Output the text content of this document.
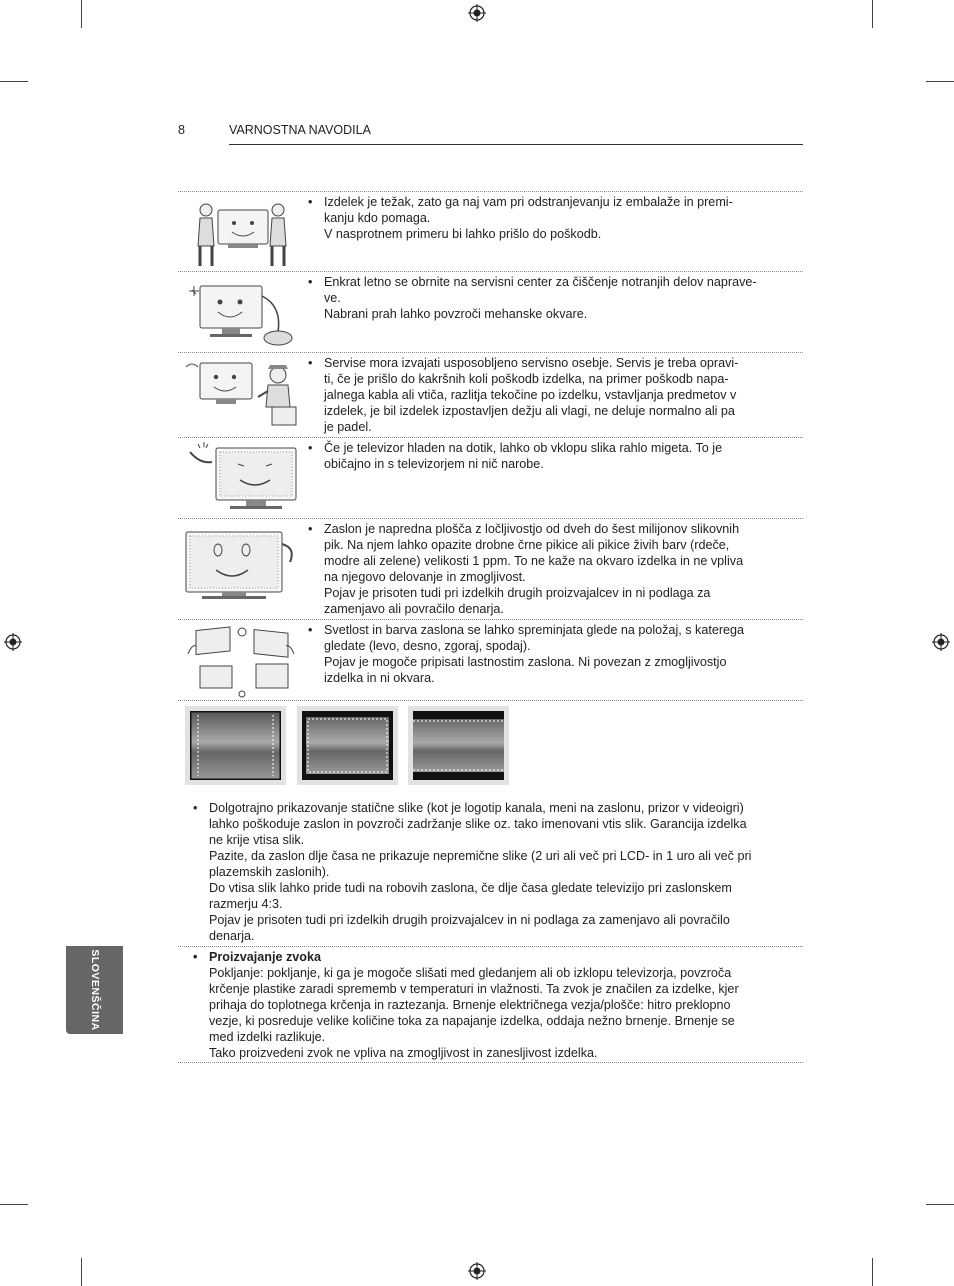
8	VARNOSTNA NAVODILA
• Izdelek je težak, zato ga naj vam pri odstranjevanju iz embalaže in premi-

kanju kdo pomaga.

V nasprotnem primeru bi lahko prišlo do poškodb.

• Enkrat letno se obrnite na servisni center za čiščenje notranjih delov naprave-

ve.

Nabrani prah lahko povzroči mehanske okvare.

• Servise mora izvajati usposobljeno servisno osebje. Servis je treba opravi-

ti, če je prišlo do kakršnih koli poškodb izdelka, na primer poškodb napa-

jalnega kabla ali vtiča, razlitja tekočine po izdelku, vstavljanja predmetov v

izdelek, je bil izdelek izpostavljen dežju ali vlagi, ne deluje normalno ali pa

je padel.

• Če je televizor hladen na dotik, lahko ob vklopu slika rahlo migeta. To je

običajno in s televizorjem ni nič narobe.

• Zaslon je napredna plošča z ločljivostjo od dveh do šest milijonov slikovnih

pik. Na njem lahko opazite drobne črne pikice ali pikice živih barv (rdeče,

modre ali zelene) velikosti 1 ppm. To ne kaže na okvaro izdelka in ne vpliva

na njegovo delovanje in zmogljivost.

Pojav je prisoten tudi pri izdelkih drugih proizvajalcev in ni podlaga za

zamenjavo ali povračilo denarja.

• Svetlost in barva zaslona se lahko spreminjata glede na položaj, s katerega

gledate (levo, desno, zgoraj, spodaj).

Pojav je mogoče pripisati lastnostim zaslona. Ni povezan z zmogljivostjo

izdelka in ni okvara.

• Dolgotrajno prikazovanje statične slike (kot je logotip kanala, meni na zaslonu, prizor v videoigri)

lahko poškoduje zaslon in povzroči zadržanje slike oz. tako imenovani vtis slik. Garancija izdelka

ne krije vtisa slik.

Pazite, da zaslon dlje časa ne prikazuje nepremične slike (2 uri ali več pri LCD- in 1 uro ali več pri

plazemskih zaslonih).

Do vtisa slik lahko pride tudi na robovih zaslona, če dlje časa gledate televizijo pri zaslonskem

razmerju 4:3.

Pojav je prisoten tudi pri izdelkih drugih proizvajalcev in ni podlaga za zamenjavo ali povračilo

denarja.

• Proizvajanje zvoka

Pokljanje: pokljanje, ki ga je mogoče slišati med gledanjem ali ob izklopu televizorja, povzroča

krčenje plastike zaradi sprememb v temperaturi in vlažnosti. Ta zvok je značilen za izdelke, kjer

prihaja do toplotnega krčenja in raztezanja. Brnenje električnega vezja/plošče: hitro preklopno

vezje, ki posreduje velike količine toka za napajanje izdelka, oddaja nežno brnenje. Brnenje se

med izdelki razlikuje.

Tako proizvedeni zvok ne vpliva na zmogljivost in zanesljivost izdelka.

SLOVENŠČINA
